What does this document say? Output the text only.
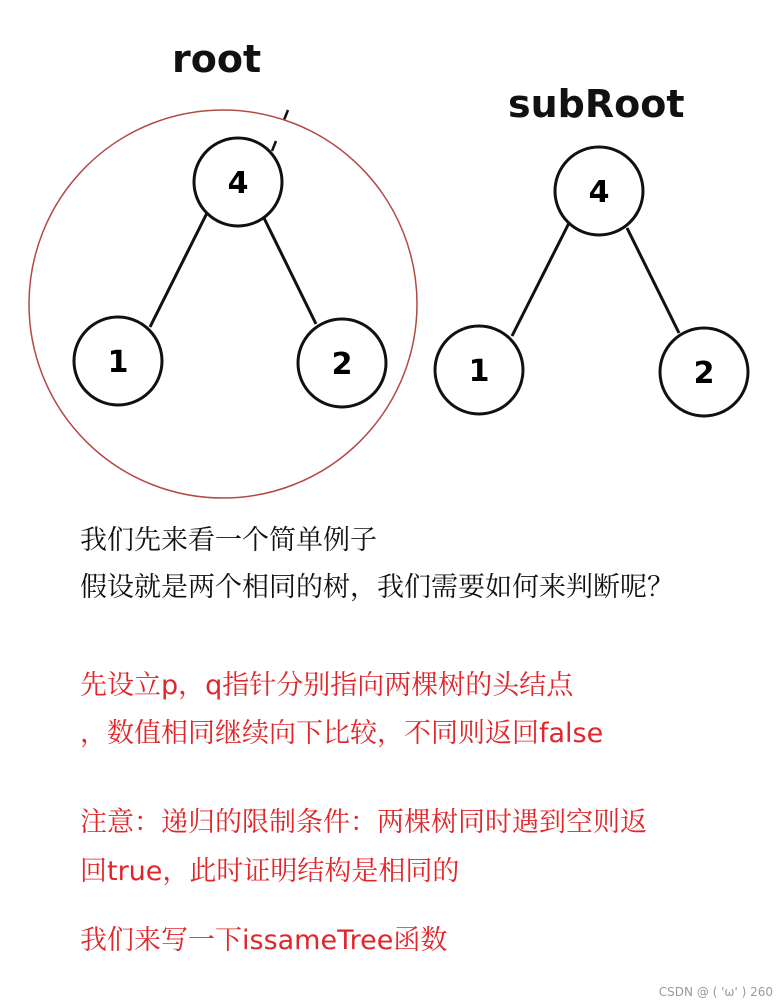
root
subRoot
4
1	2
4
1	2

我们先来看一个简单例子

假设就是两个相同的树，我们需要如何来判断呢？

先设立p，q指针分别指向两棵树的头结点

，数值相同继续向下比较，不同则返回false

注意：递归的限制条件：两棵树同时遇到空则返

回true，此时证明结构是相同的

我们来写一下issameTree函数

CSDN @ ( 'ω' ) 260
